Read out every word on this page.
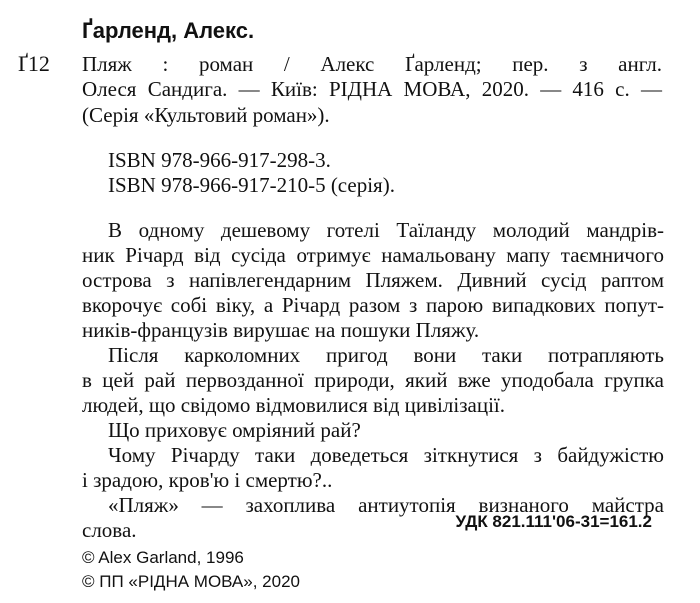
Ґарленд, Алекс.
Ґ12 Пляж : роман / Алекс Ґарленд; пер. з англ.
Олеся Сандига. — Київ: РІДНА МОВА, 2020. — 416 с. —
(Серія «Культовий роман»).
ISBN 978-966-917-298-3.
ISBN 978-966-917-210-5 (серія).
В одному дешевому готелі Таїланду молодий мандрів-
ник Річард від сусіда отримує намальовану мапу таємничого
острова з напівлегендарним Пляжем. Дивний сусід раптом
вкорочує собі віку, а Річард разом з парою випадкових попут-
ників-французів вирушає на пошуки Пляжу.
Після карколомних пригод вони таки потрапляють
в цей рай первозданної природи, який вже уподобала групка
людей, що свідомо відмовилися від цивілізації.
Що приховує омріяний рай?
Чому Річарду таки доведеться зіткнутися з байдужістю
і зрадою, кров'ю і смертю?..
«Пляж» — захоплива антиутопія визнаного майстра
слова.	УДК 821.111'06-31=161.2
© Alex Garland, 1996
© ПП «РІДНА МОВА», 2020
